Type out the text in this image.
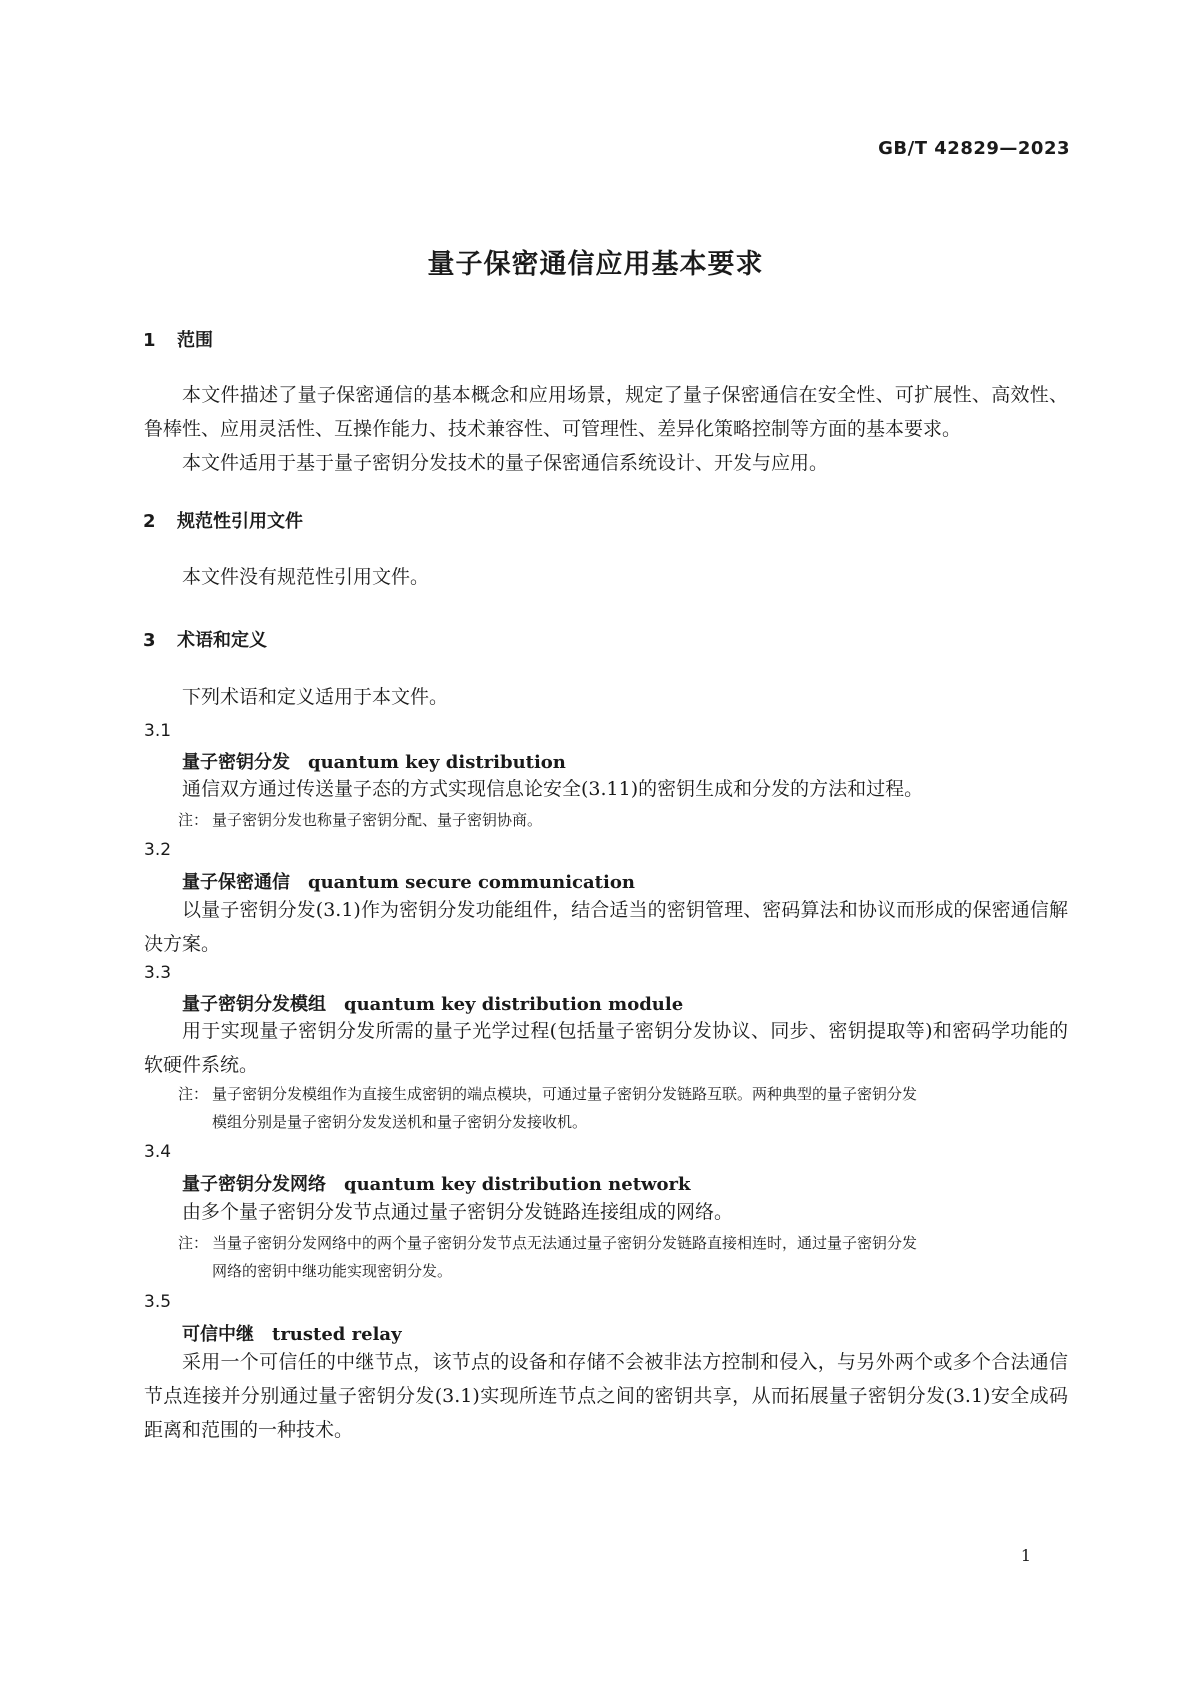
GB/T 42829—2023
量子保密通信应用基本要求
1 范围
本文件描述了量子保密通信的基本概念和应用场景，规定了量子保密通信在安全性、可扩展性、高效性、鲁棒性、应用灵活性、互操作能力、技术兼容性、可管理性、差异化策略控制等方面的基本要求。
本文件适用于基于量子密钥分发技术的量子保密通信系统设计、开发与应用。
2 规范性引用文件
本文件没有规范性引用文件。
3 术语和定义
下列术语和定义适用于本文件。
3.1
量子密钥分发 quantum key distribution
通信双方通过传送量子态的方式实现信息论安全(3.11)的密钥生成和分发的方法和过程。
注： 量子密钥分发也称量子密钥分配、量子密钥协商。
3.2
量子保密通信 quantum secure communication
以量子密钥分发(3.1)作为密钥分发功能组件，结合适当的密钥管理、密码算法和协议而形成的保密通信解决方案。
3.3
量子密钥分发模组 quantum key distribution module
用于实现量子密钥分发所需的量子光学过程(包括量子密钥分发协议、同步、密钥提取等)和密码学功能的软硬件系统。
注： 量子密钥分发模组作为直接生成密钥的端点模块，可通过量子密钥分发链路互联。两种典型的量子密钥分发
模组分别是量子密钥分发发送机和量子密钥分发接收机。
3.4
量子密钥分发网络 quantum key distribution network
由多个量子密钥分发节点通过量子密钥分发链路连接组成的网络。
注： 当量子密钥分发网络中的两个量子密钥分发节点无法通过量子密钥分发链路直接相连时，通过量子密钥分发
网络的密钥中继功能实现密钥分发。
3.5
可信中继 trusted relay
采用一个可信任的中继节点，该节点的设备和存储不会被非法方控制和侵入，与另外两个或多个合法通信节点连接并分别通过量子密钥分发(3.1)实现所连节点之间的密钥共享，从而拓展量子密钥分发(3.1)安全成码距离和范围的一种技术。
1
